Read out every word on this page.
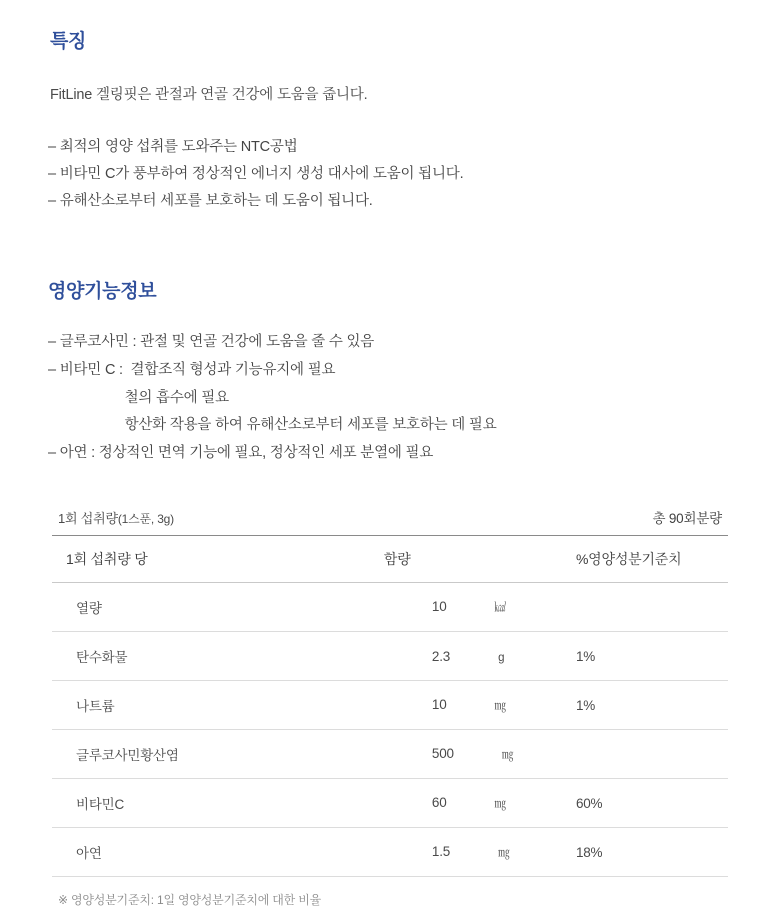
특징

FitLine 겔링핏은 관절과 연골 건강에 도움을 줍니다.

– 최적의 영양 섭취를 도와주는 NTC공법
– 비타민 C가 풍부하여 정상적인 에너지 생성 대사에 도움이 됩니다.
– 유해산소로부터 세포를 보호하는 데 도움이 됩니다.
영양기능정보
– 글루코사민 : 관절 및 연골 건강에 도움을 줄 수 있음
– 비타민 C :  결합조직 형성과 기능유지에 필요
철의 흡수에 필요
항산화 작용을 하여 유해산소로부터 세포를 보호하는 데 필요
– 아연 : 정상적인 면역 기능에 필요, 정상적인 세포 분열에 필요
1회 섭취량(1스푼, 3g)	총 90회분량
1회 섭취량 당	함량	%영양성분기준치
열량	10 ㎉	
탄수화물	2.3 g	1%
나트륨	10 ㎎	1%
글루코사민황산염	500 ㎎	
비타민C	60 ㎎	60%
아연	1.5 ㎎	18%
※ 영양성분기준치: 1일 영양성분기준치에 대한 비율
